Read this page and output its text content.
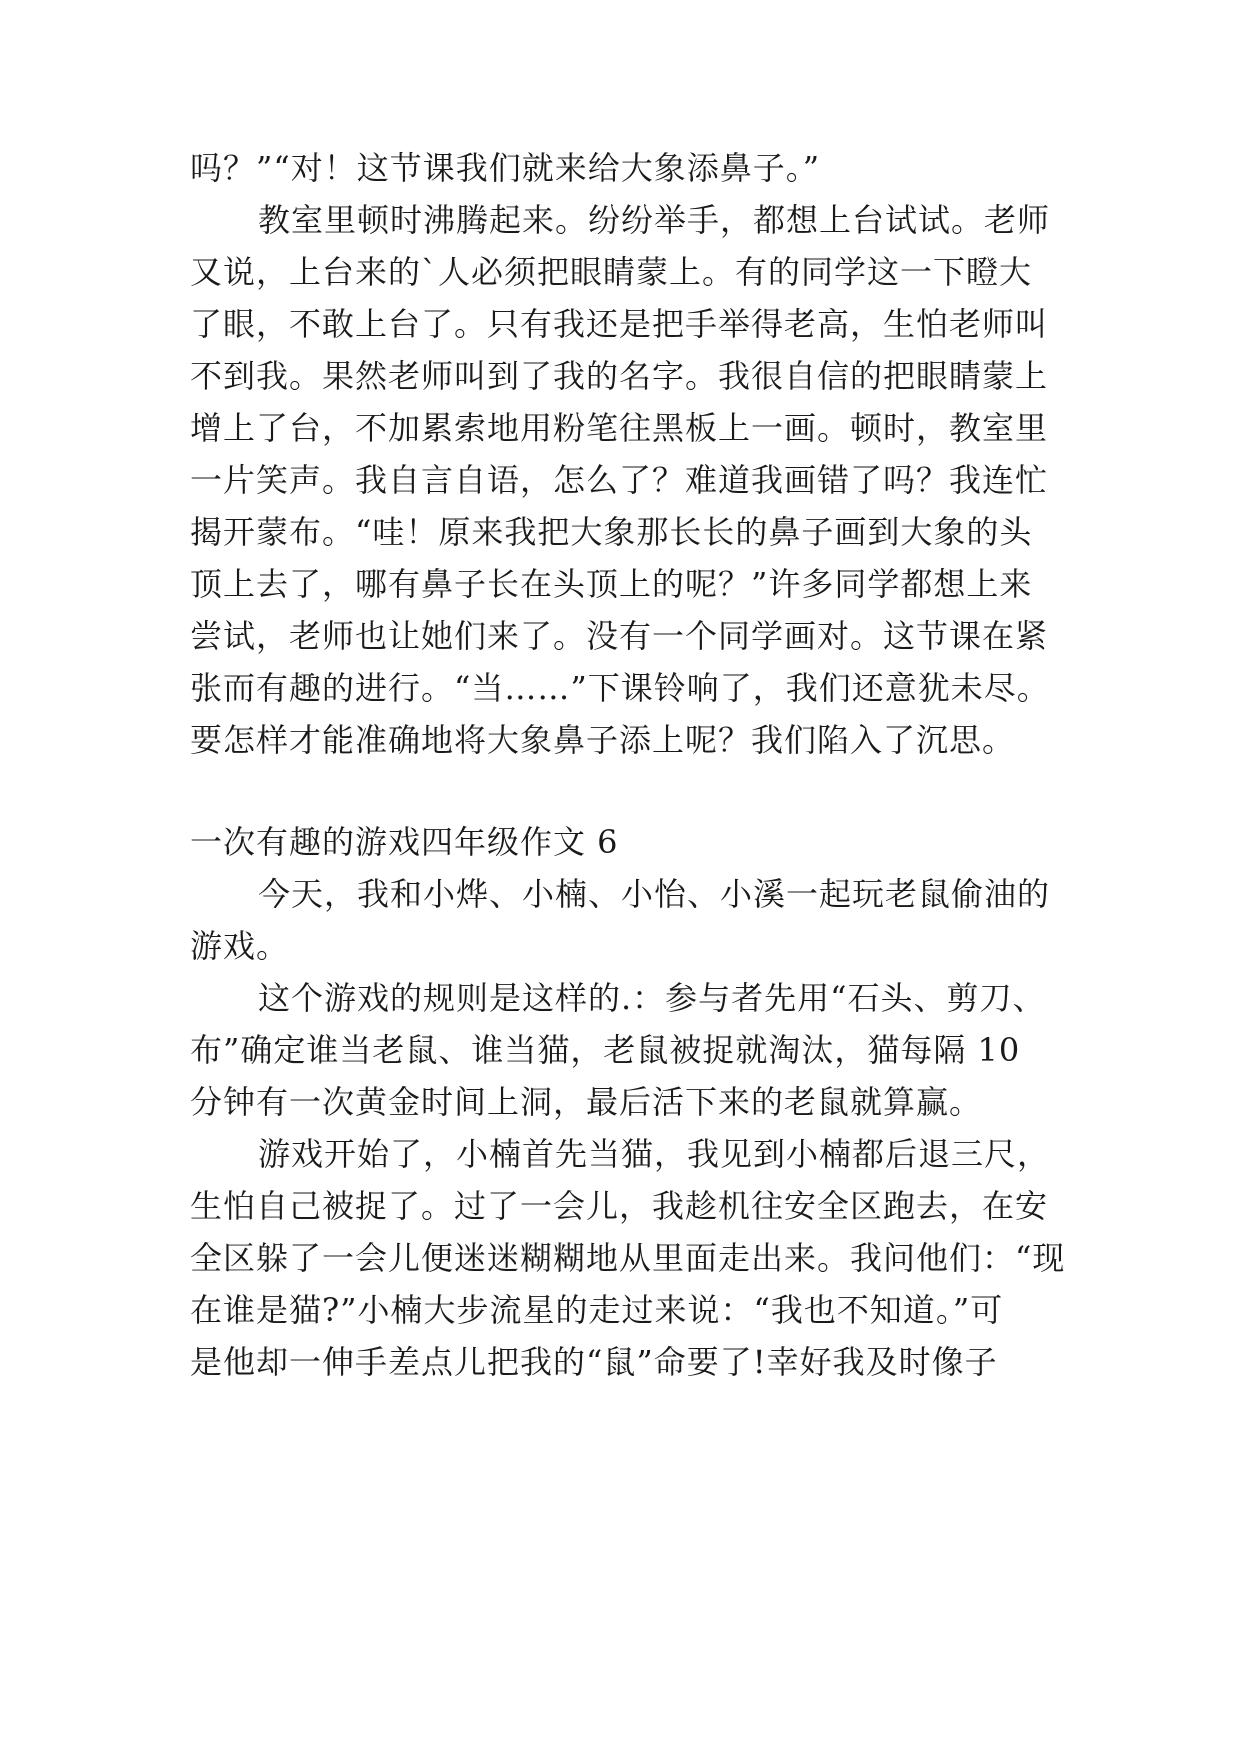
吗？”“对！这节课我们就来给大象添鼻子。”
教室里顿时沸腾起来。纷纷举手，都想上台试试。老师
又说，上台来的`人必须把眼睛蒙上。有的同学这一下瞪大
了眼，不敢上台了。只有我还是把手举得老高，生怕老师叫
不到我。果然老师叫到了我的名字。我很自信的把眼睛蒙上
增上了台，不加累索地用粉笔往黑板上一画。顿时，教室里
一片笑声。我自言自语，怎么了？难道我画错了吗？我连忙
揭开蒙布。“哇！原来我把大象那长长的鼻子画到大象的头
顶上去了，哪有鼻子长在头顶上的呢？”许多同学都想上来
尝试，老师也让她们来了。没有一个同学画对。这节课在紧
张而有趣的进行。“当……”下课铃响了，我们还意犹未尽。
要怎样才能准确地将大象鼻子添上呢？我们陷入了沉思。
一次有趣的游戏四年级作文 6
今天，我和小烨、小楠、小怡、小溪一起玩老鼠偷油的
游戏。
这个游戏的规则是这样的.：参与者先用“石头、剪刀、
布”确定谁当老鼠、谁当猫，老鼠被捉就淘汰，猫每隔 10
分钟有一次黄金时间上洞，最后活下来的老鼠就算赢。
游戏开始了，小楠首先当猫，我见到小楠都后退三尺，
生怕自己被捉了。过了一会儿，我趁机往安全区跑去，在安
全区躲了一会儿便迷迷糊糊地从里面走出来。我问他们：“现
在谁是猫?”小楠大步流星的走过来说：“我也不知道。”可
是他却一伸手差点儿把我的“鼠”命要了!幸好我及时像子
